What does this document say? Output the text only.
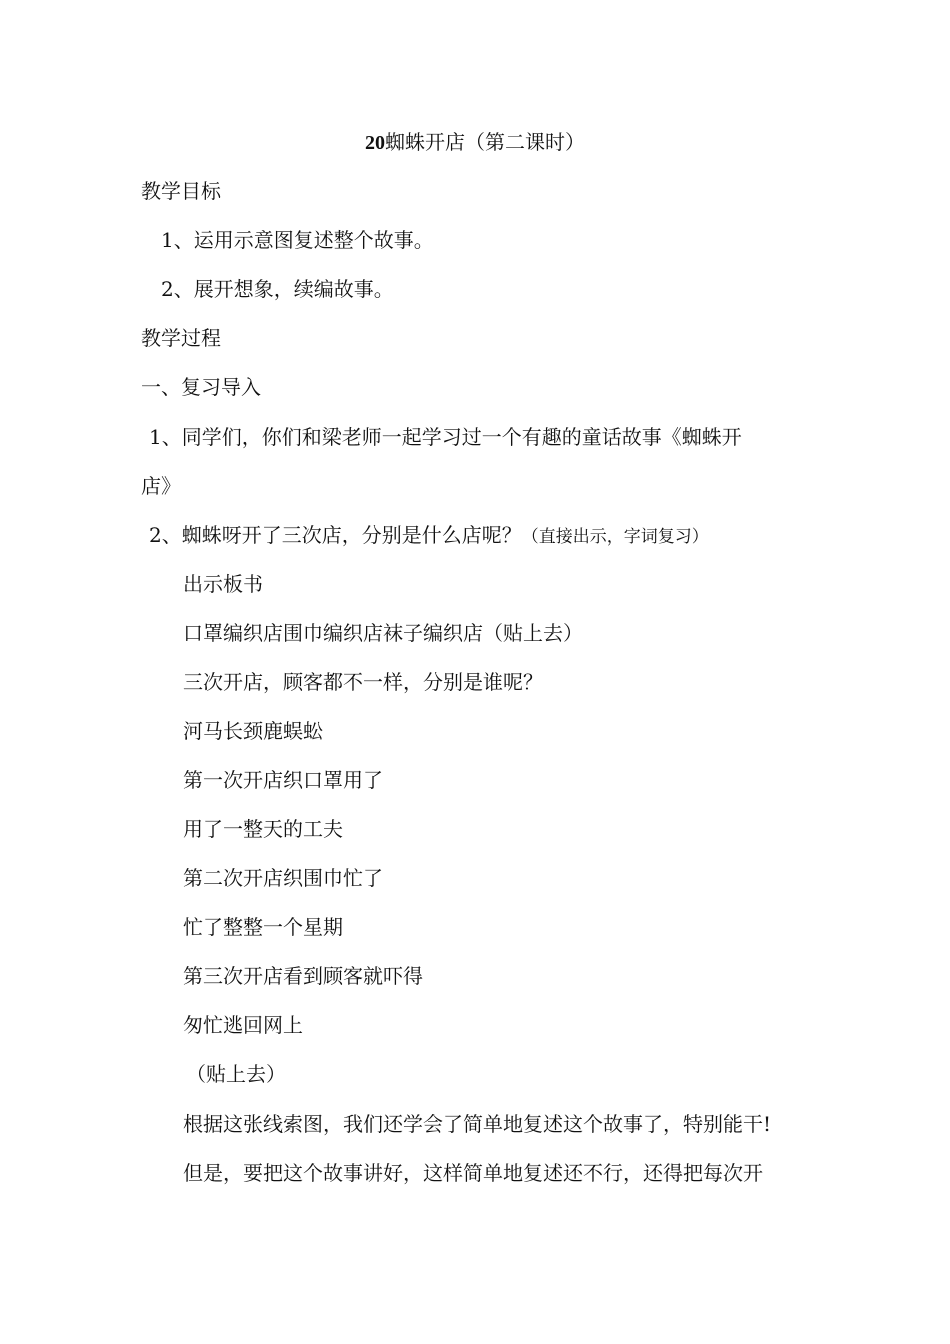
20蜘蛛开店（第二课时）
教学目标
1、运用示意图复述整个故事。
2、展开想象，续编故事。
教学过程
一、复习导入
1、同学们，你们和梁老师一起学习过一个有趣的童话故事《蜘蛛开
店》
2、蜘蛛呀开了三次店，分别是什么店呢？（直接出示，字词复习）
出示板书
口罩编织店围巾编织店袜子编织店（贴上去）
三次开店，顾客都不一样，分别是谁呢？
河马长颈鹿蜈蚣
第一次开店织口罩用了
用了一整天的工夫
第二次开店织围巾忙了
忙了整整一个星期
第三次开店看到顾客就吓得
匆忙逃回网上
（贴上去）
根据这张线索图，我们还学会了简单地复述这个故事了，特别能干!
但是，要把这个故事讲好，这样简单地复述还不行，还得把每次开
